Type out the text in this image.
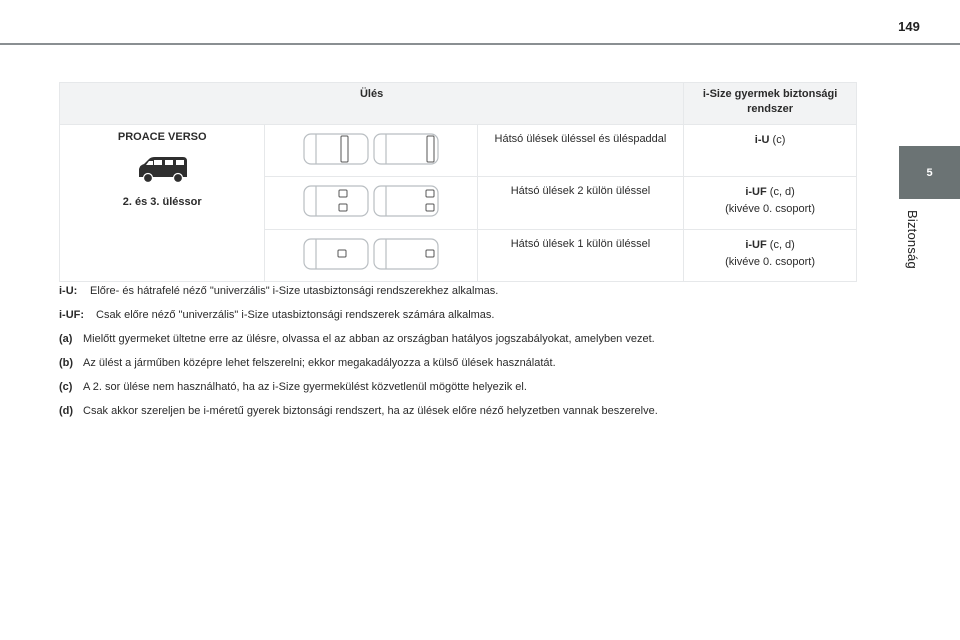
149
5
Biztonság
Ülés			i-Size gyermek biztonsági
rendszer

PROACE VERSO
2. és 3. üléssor		Hátsó ülések üléssel és üléspaddal	i-U (c)

	Hátsó ülések 2 külön üléssel	i-UF (c, d)
(kivéve 0. csoport)

	Hátsó ülések 1 külön üléssel	i-UF (c, d)
(kivéve 0. csoport)
i-U: Előre- és hátrafelé néző "univerzális" i-Size utasbiztonsági rendszerekhez alkalmas.
i-UF: Csak előre néző "univerzális" i-Size utasbiztonsági rendszerek számára alkalmas.
(a) Mielőtt gyermeket ültetne erre az ülésre, olvassa el az abban az országban hatályos jogszabályokat, amelyben vezet.
(b) Az ülést a járműben középre lehet felszerelni; ekkor megakadályozza a külső ülések használatát.
(c) A 2. sor ülése nem használható, ha az i-Size gyermekülést közvetlenül mögötte helyezik el.
(d) Csak akkor szereljen be i-méretű gyerek biztonsági rendszert, ha az ülések előre néző helyzetben vannak beszerelve.
